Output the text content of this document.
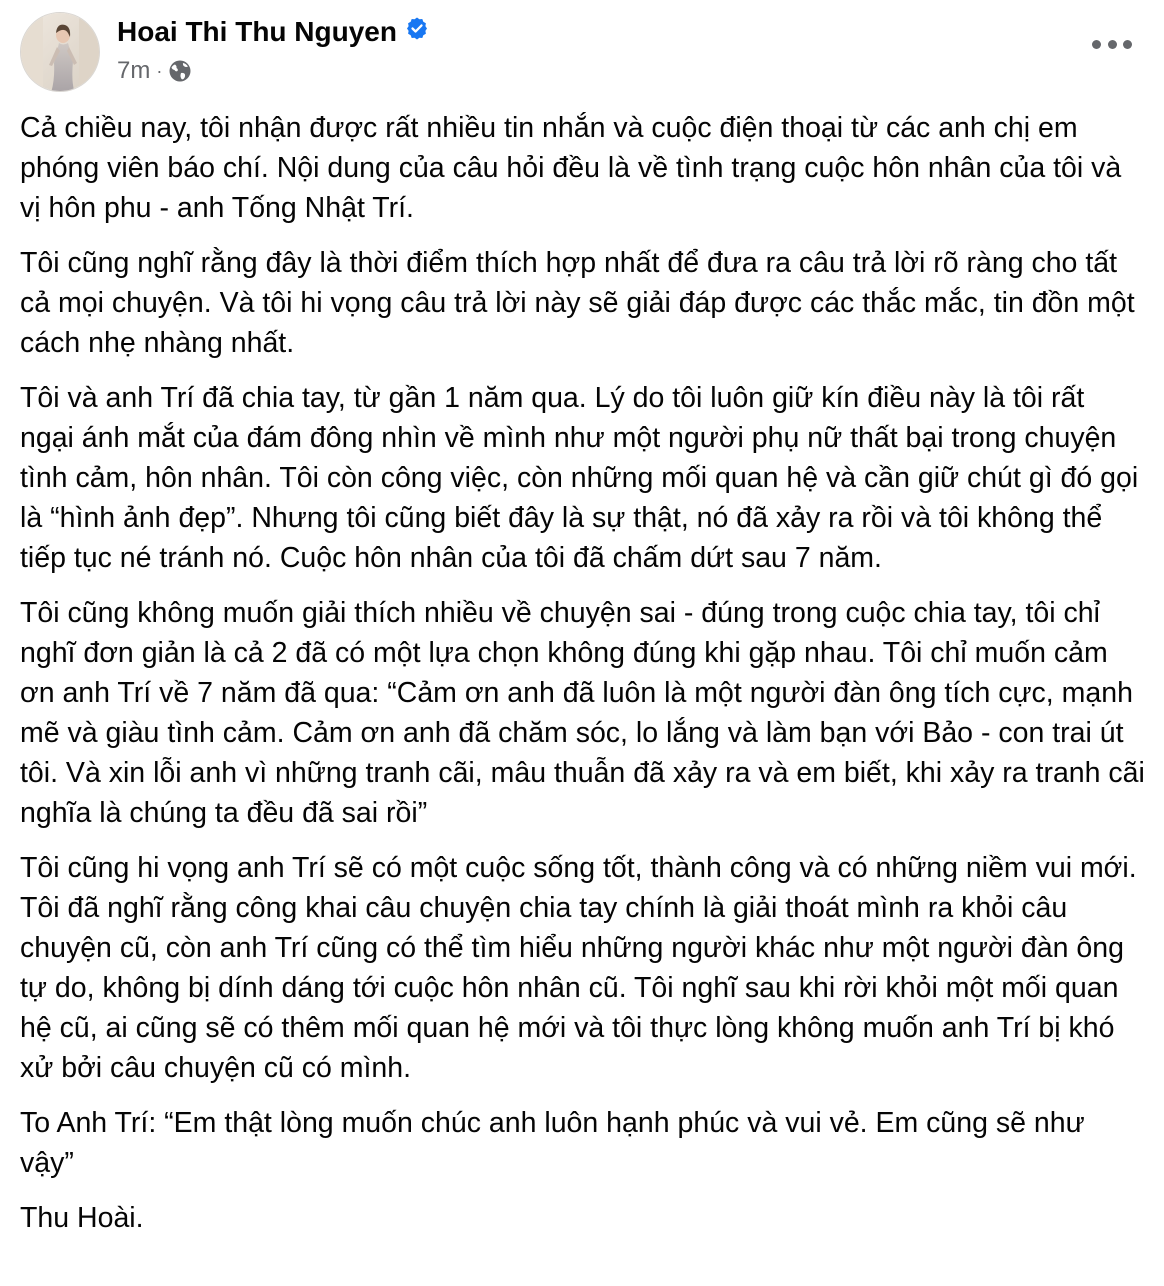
Hoai Thi Thu Nguyen
7m ·

Cả chiều nay, tôi nhận được rất nhiều tin nhắn và cuộc điện thoại từ các anh chị em phóng viên báo chí. Nội dung của câu hỏi đều là về tình trạng cuộc hôn nhân của tôi và vị hôn phu - anh Tống Nhật Trí.

Tôi cũng nghĩ rằng đây là thời điểm thích hợp nhất để đưa ra câu trả lời rõ ràng cho tất cả mọi chuyện. Và tôi hi vọng câu trả lời này sẽ giải đáp được các thắc mắc, tin đồn một cách nhẹ nhàng nhất.

Tôi và anh Trí đã chia tay, từ gần 1 năm qua. Lý do tôi luôn giữ kín điều này là tôi rất ngại ánh mắt của đám đông nhìn về mình như một người phụ nữ thất bại trong chuyện tình cảm, hôn nhân. Tôi còn công việc, còn những mối quan hệ và cần giữ chút gì đó gọi là “hình ảnh đẹp”. Nhưng tôi cũng biết đây là sự thật, nó đã xảy ra rồi và tôi không thể tiếp tục né tránh nó. Cuộc hôn nhân của tôi đã chấm dứt sau 7 năm.

Tôi cũng không muốn giải thích nhiều về chuyện sai - đúng trong cuộc chia tay, tôi chỉ nghĩ đơn giản là cả 2 đã có một lựa chọn không đúng khi gặp nhau. Tôi chỉ muốn cảm ơn anh Trí về 7 năm đã qua: “Cảm ơn anh đã luôn là một người đàn ông tích cực, mạnh mẽ và giàu tình cảm. Cảm ơn anh đã chăm sóc, lo lắng và làm bạn với Bảo - con trai út tôi. Và xin lỗi anh vì những tranh cãi, mâu thuẫn đã xảy ra và em biết, khi xảy ra tranh cãi nghĩa là chúng ta đều đã sai rồi”

Tôi cũng hi vọng anh Trí sẽ có một cuộc sống tốt, thành công và có những niềm vui mới. Tôi đã nghĩ rằng công khai câu chuyện chia tay chính là giải thoát mình ra khỏi câu chuyện cũ, còn anh Trí cũng có thể tìm hiểu những người khác như một người đàn ông tự do, không bị dính dáng tới cuộc hôn nhân cũ. Tôi nghĩ sau khi rời khỏi một mối quan hệ cũ, ai cũng sẽ có thêm mối quan hệ mới và tôi thực lòng không muốn anh Trí bị khó xử bởi câu chuyện cũ có mình.

To Anh Trí: “Em thật lòng muốn chúc anh luôn hạnh phúc và vui vẻ. Em cũng sẽ như vậy”

Thu Hoài.
